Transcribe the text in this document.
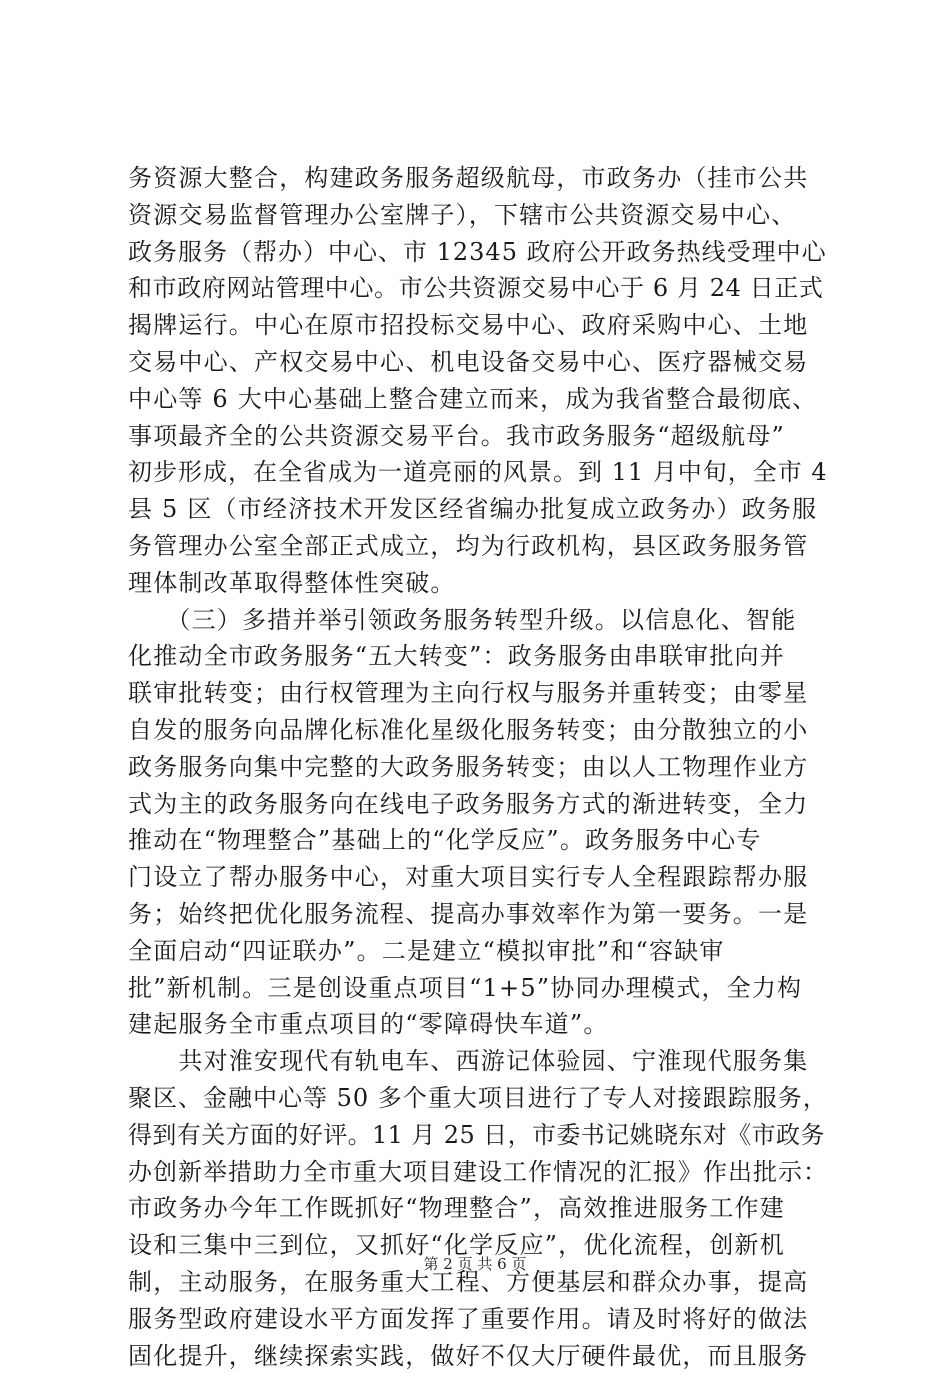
务资源大整合，构建政务服务超级航母，市政务办（挂市公共
资源交易监督管理办公室牌子），下辖市公共资源交易中心、
政务服务（帮办）中心、市 12345 政府公开政务热线受理中心
和市政府网站管理中心。市公共资源交易中心于 6 月 24 日正式
揭牌运行。中心在原市招投标交易中心、政府采购中心、土地
交易中心、产权交易中心、机电设备交易中心、医疗器械交易
中心等 6 大中心基础上整合建立而来，成为我省整合最彻底、
事项最齐全的公共资源交易平台。我市政务服务“超级航母”
初步形成，在全省成为一道亮丽的风景。到 11 月中旬，全市 4
县 5 区（市经济技术开发区经省编办批复成立政务办）政务服
务管理办公室全部正式成立，均为行政机构，县区政务服务管
理体制改革取得整体性突破。
　　（三）多措并举引领政务服务转型升级。以信息化、智能
化推动全市政务服务“五大转变”：政务服务由串联审批向并
联审批转变；由行权管理为主向行权与服务并重转变；由零星
自发的服务向品牌化标准化星级化服务转变；由分散独立的小
政务服务向集中完整的大政务服务转变；由以人工物理作业方
式为主的政务服务向在线电子政务服务方式的渐进转变，全力
推动在“物理整合”基础上的“化学反应”。政务服务中心专
门设立了帮办服务中心，对重大项目实行专人全程跟踪帮办服
务；始终把优化服务流程、提高办事效率作为第一要务。一是
全面启动“四证联办”。二是建立“模拟审批”和“容缺审
批”新机制。三是创设重点项目“1+5”协同办理模式，全力构
建起服务全市重点项目的“零障碍快车道”。
　　共对淮安现代有轨电车、西游记体验园、宁淮现代服务集
聚区、金融中心等 50 多个重大项目进行了专人对接跟踪服务，
得到有关方面的好评。11 月 25 日，市委书记姚晓东对《市政务
办创新举措助力全市重大项目建设工作情况的汇报》作出批示：
市政务办今年工作既抓好“物理整合”，高效推进服务工作建
设和三集中三到位，又抓好“化学反应”，优化流程，创新机
制，主动服务，在服务重大工程、方便基层和群众办事，提高
服务型政府建设水平方面发挥了重要作用。请及时将好的做法
固化提升，继续探索实践，做好不仅大厅硬件最优，而且服务
第 2 页 共 6 页
